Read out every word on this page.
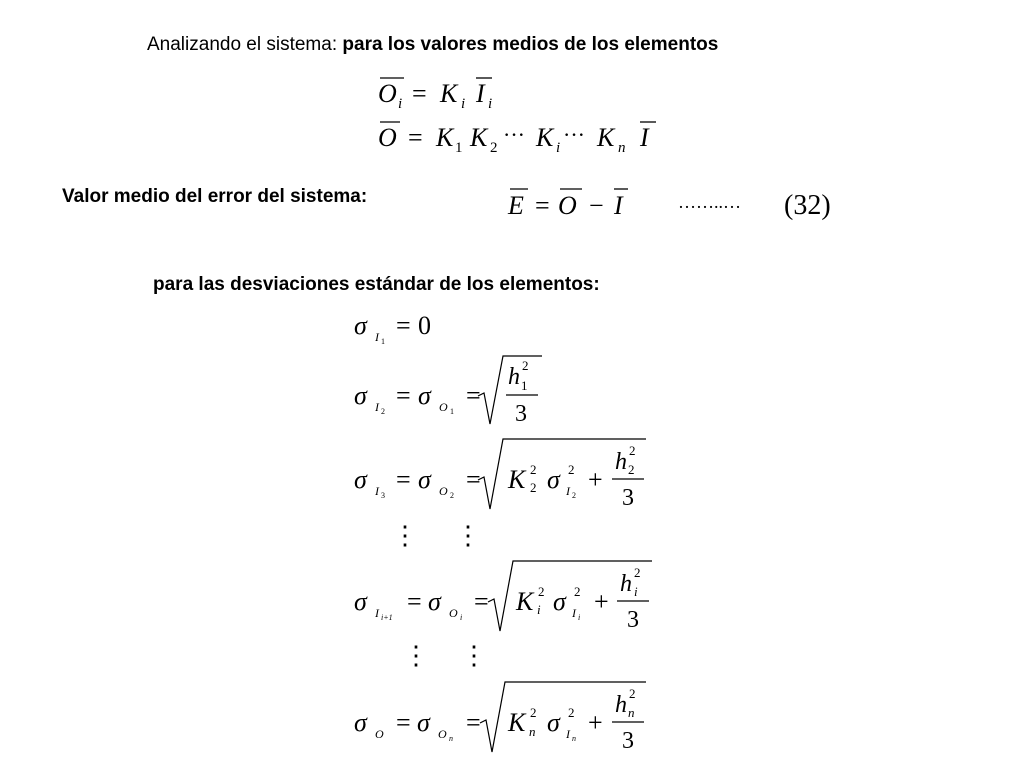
Analizando el sistema: para los valores medios de los elementos
Valor medio del error del sistema:
para las desviaciones estándar de los elementos:
O i = K i I i
O = K 1 K 2
··· K i
··· K n I
E = O − I	……..… (32)
σ I 1
= 0
σ I 2
= σ O 1
=
h 2
1
3
σ I 3
= σ O 2
= K 2
2 σ 2
I 2
+
h 2
2
3
⋮ ⋮
σ I i+1
= σ O i
= K 2
i σ 2
I i
+
h 2
i
3
⋮ ⋮
σ O = σ O n
= K 2
n σ 2
I n
+
h 2
n
3
